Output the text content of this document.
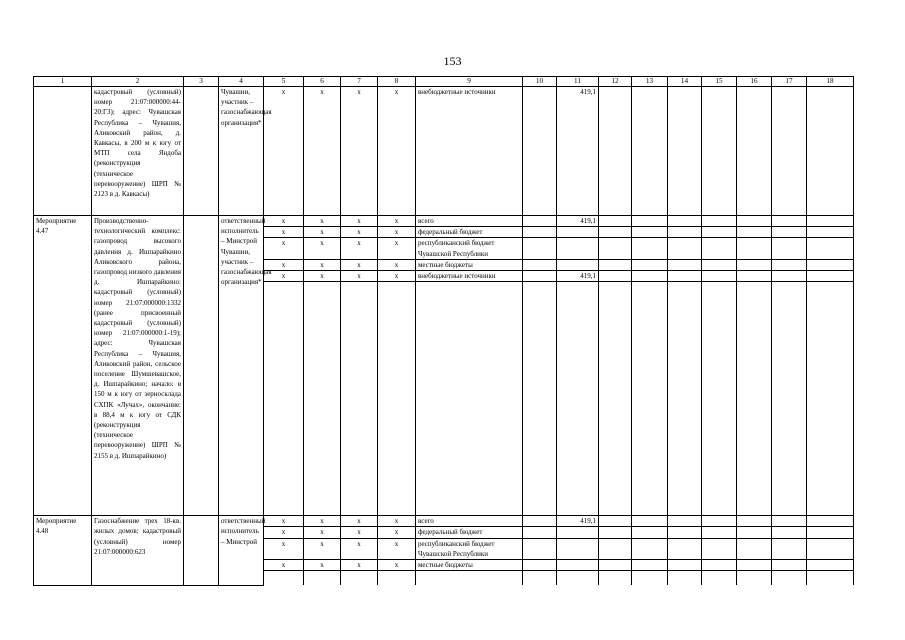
153
1	2	3	4	5	6	7	8	9	10	11	12	13	14	15	16	17	18
	кадастровый (условный) номер 21:07:000000:44-20:Г3); адрес: Чувашская Республика – Чувашия, Аликовский район, д. Кавкасы, в 200 м к югу от МТП села Яндоба (реконструкция (техническое перевооружение) ШРП № 2123 в д. Кавкасы)		Чувашии, участник – газоснабжающая организация*	x	x	x	x	внебюджетные источники		419,1							
Мероприятие 4.47	Производственно-технологический комплекс: газопровод высокого давления д. Ишпарайкино Аликовского района, газопровод низкого давления д. Ишпарайкино: кадастровый (условный) номер 21:07:000000:1332 (ранее присвоенный кадастровый (условный) номер 21:07:000000:1-19); адрес: Чувашская Республика – Чувашия, Аликовский район, сельское поселение Шумшевашское, д. Ишпарайкино; начало: в 150 м к югу от зерносклада СХПК «Лучах», окончание: в 88,4 м к югу от СДК (реконструкция (техническое перевооружение) ШРП № 2155 в д. Ишпарайкино)		ответственный исполнитель – Минстрой Чувашии, участник – газоснабжающая организация*	x	x	x	x	всего		419,1							
				x	x	x	x	федеральный бюджет									
				x	x	x	x	республиканский бюджет Чувашской Республики									
				x	x	x	x	местные бюджеты									
				x	x	x	x	внебюджетные источники		419,1							

Мероприятие 4.48	Газоснабжение трех 18-кв. жилых домов; кадастровый (условный) номер 21:07:000000:623		ответственный исполнитель – Минстрой	x	x	x	x	всего		419,1							
				x	x	x	x	федеральный бюджет									
				x	x	x	x	республиканский бюджет Чувашской Республики									
				x	x	x	x	местные бюджеты									
